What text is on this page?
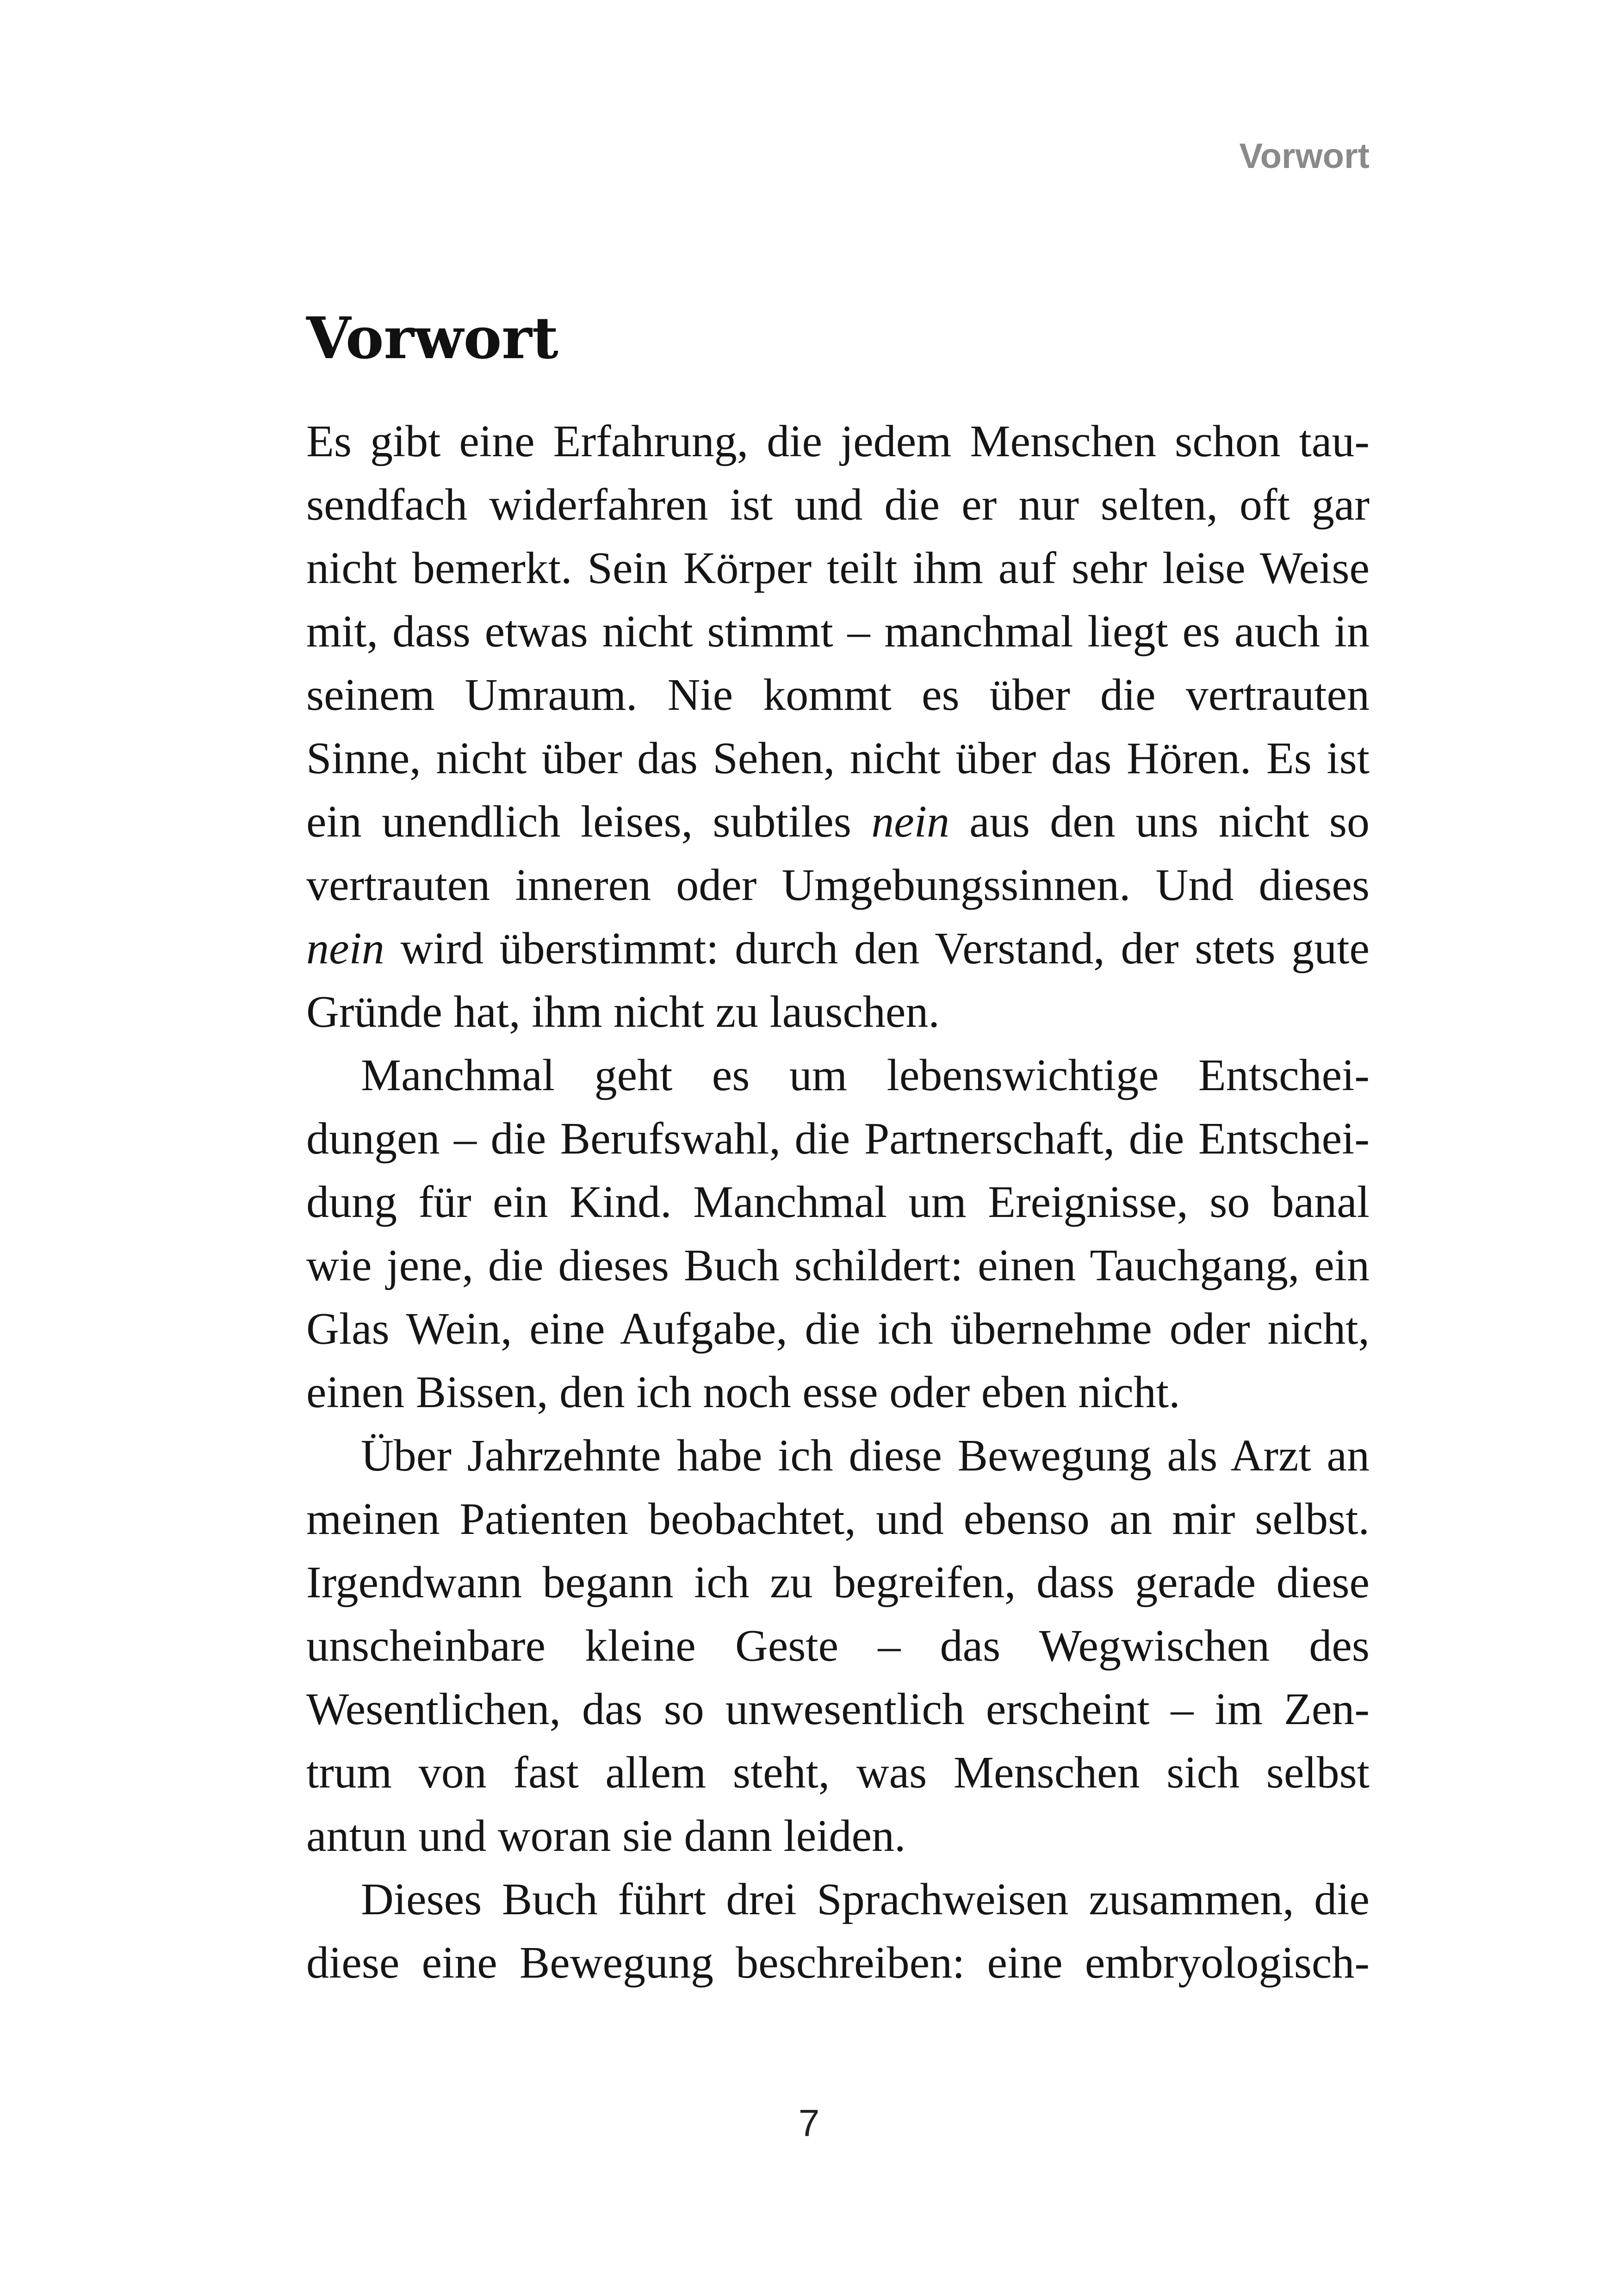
Vorwort
Vorwort
Es gibt eine Erfahrung, die jedem Menschen schon tau-
sendfach widerfahren ist und die er nur selten, oft gar
nicht bemerkt. Sein Körper teilt ihm auf sehr leise Weise
mit, dass etwas nicht stimmt – manchmal liegt es auch in
seinem Umraum. Nie kommt es über die vertrauten
Sinne, nicht über das Sehen, nicht über das Hören. Es ist
ein unendlich leises, subtiles nein aus den uns nicht so
vertrauten inneren oder Umgebungssinnen. Und dieses
nein wird überstimmt: durch den Verstand, der stets gute
Gründe hat, ihm nicht zu lauschen.
Manchmal geht es um lebenswichtige Entschei-
dungen – die Berufswahl, die Partnerschaft, die Entschei-
dung für ein Kind. Manchmal um Ereignisse, so banal
wie jene, die dieses Buch schildert: einen Tauchgang, ein
Glas Wein, eine Aufgabe, die ich übernehme oder nicht,
einen Bissen, den ich noch esse oder eben nicht.
Über Jahrzehnte habe ich diese Bewegung als Arzt an
meinen Patienten beobachtet, und ebenso an mir selbst.
Irgendwann begann ich zu begreifen, dass gerade diese
unscheinbare kleine Geste – das Wegwischen des
Wesentlichen, das so unwesentlich erscheint – im Zen-
trum von fast allem steht, was Menschen sich selbst
antun und woran sie dann leiden.
Dieses Buch führt drei Sprachweisen zusammen, die
diese eine Bewegung beschreiben: eine embryologisch-
7
